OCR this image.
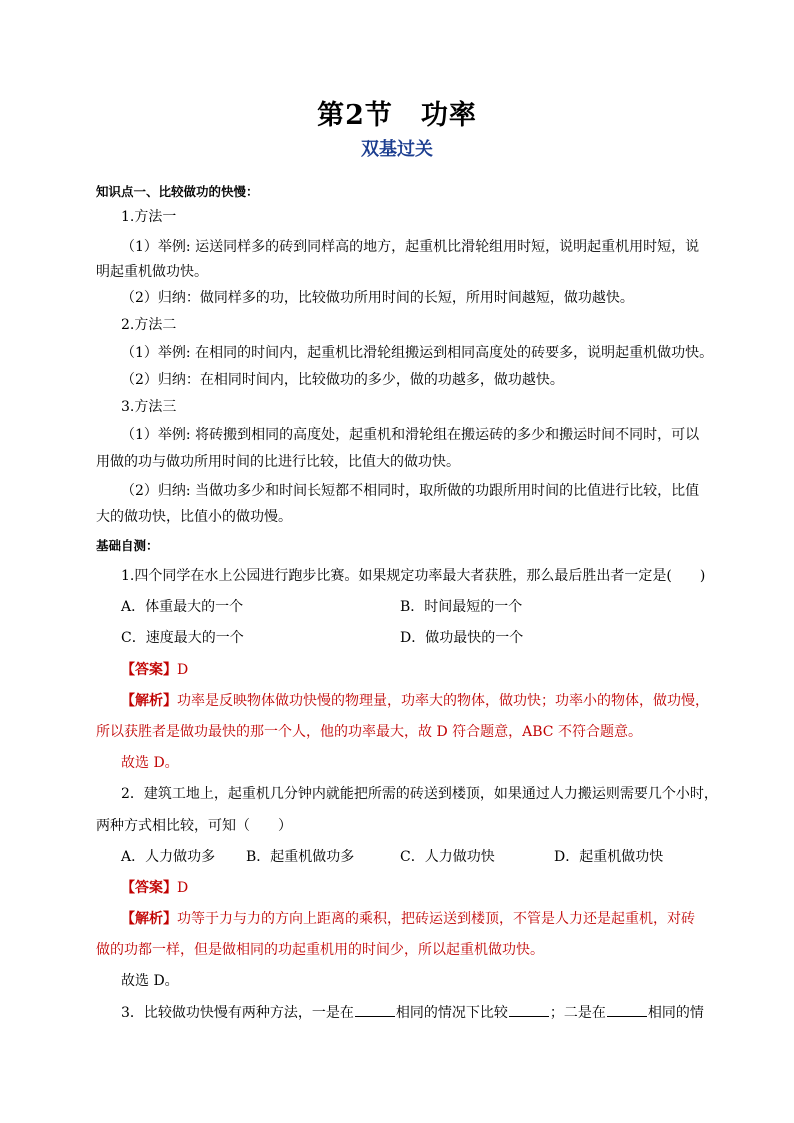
第2节　功率
双基过关
知识点一、比较做功的快慢：
1.方法一
（1）举例: 运送同样多的砖到同样高的地方，起重机比滑轮组用时短，说明起重机用时短，说
明起重机做功快。
（2）归纳：做同样多的功，比较做功所用时间的长短，所用时间越短，做功越快。
2.方法二
（1）举例: 在相同的时间内，起重机比滑轮组搬运到相同高度处的砖要多，说明起重机做功快。
（2）归纳：在相同时间内，比较做功的多少，做的功越多，做功越快。
3.方法三
（1）举例: 将砖搬到相同的高度处，起重机和滑轮组在搬运砖的多少和搬运时间不同时，可以
用做的功与做功所用时间的比进行比较，比值大的做功快。
（2）归纳: 当做功多少和时间长短都不相同时，取所做的功跟所用时间的比值进行比较，比值
大的做功快，比值小的做功慢。
基础自测：
1.四个同学在水上公园进行跑步比赛。如果规定功率最大者获胜，那么最后胜出者一定是(　　)
A．体重最大的一个	B．时间最短的一个
C．速度最大的一个	D．做功最快的一个
【答案】D
【解析】功率是反映物体做功快慢的物理量，功率大的物体，做功快；功率小的物体，做功慢，
所以获胜者是做功最快的那一个人，他的功率最大，故 D 符合题意，ABC 不符合题意。
故选 D。
2．建筑工地上，起重机几分钟内就能把所需的砖送到楼顶，如果通过人力搬运则需要几个小时，
两种方式相比较，可知（　　）
A．人力做功多 B．起重机做功多	C．人力做功快	D．起重机做功快
【答案】D
【解析】功等于力与力的方向上距离的乘积，把砖运送到楼顶，不管是人力还是起重机，对砖
做的功都一样，但是做相同的功起重机用的时间少，所以起重机做功快。
故选 D。
3．比较做功快慢有两种方法，一是在	相同的情况下比较	；二是在	相同的情
